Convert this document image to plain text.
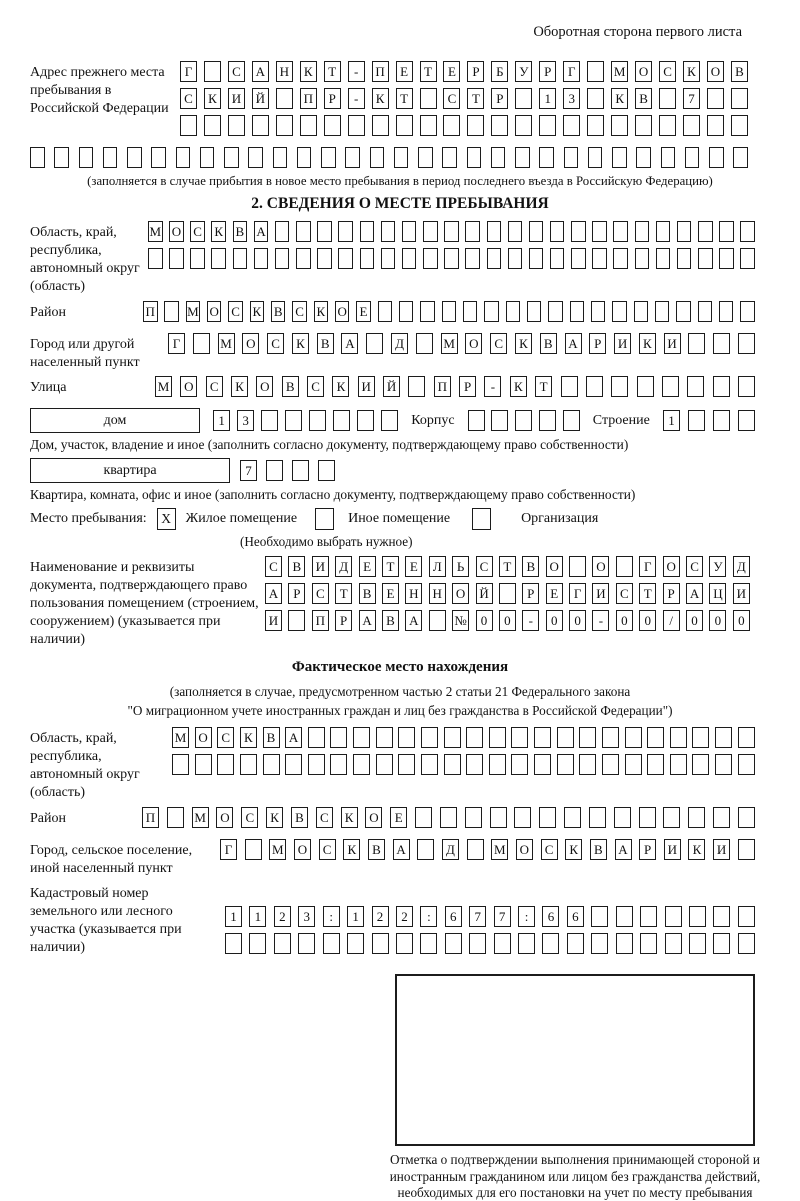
Оборотная сторона первого листа
Адрес прежнего места пребывания в Российской Федерации
Г	С	А Н	К	Т	-	П	Е	Т	Е	Р	Б	У	Р	Г	М О	С	К	О	В
С	К	И Й	П	Р	-	К	Т	С	Т	Р	1	3	К	В	7
(заполняется в случае прибытия в новое место пребывания в период последнего въезда в Российскую Федерацию)
2. СВЕДЕНИЯ О МЕСТЕ ПРЕБЫВАНИЯ
Область, край, республика, автономный округ (область)
М О С К В А
Район	П М О С К В С К О Е
Город или другой населенный пункт
Г	М О	С	К	В	А	Д	М О	С	К	В	А	Р	И	К	И
Улица	М О	С	К	О	В	С	К	И Й	П	Р	-	К	Т
дом	1	3	Корпус	Строение	1
Дом, участок, владение и иное (заполнить согласно документу, подтверждающему право собственности)
квартира	7
Квартира, комната, офис и иное (заполнить согласно документу, подтверждающему право собственности)
Место пребывания:	X	Жилое помещение	Иное помещение	Организация
(Необходимо выбрать нужное)
Наименование и реквизиты документа, подтверждающего право пользования помещением (строением, сооружением) (указывается при наличии)
С	В	И	Д	Е	Т	Е	Л	Ь	С	Т	В	О	О	Г	О	С	У	Д
А	Р	С	Т	В	Е	Н Н О Й	Р	Е	Г	И	С	Т	Р	А Ц И
И	П	Р	А	В	А	№	0	0	-	0	0	-	0	0	/	0	0	0
Фактическое место нахождения
(заполняется в случае, предусмотренном частью 2 статьи 21 Федерального закона
"О миграционном учете иностранных граждан и лиц без гражданства в Российской Федерации")
Область, край, республика, автономный округ (область)
М О	С	К	В	А
Район	П	М О	С	К	В	С	К	О	Е
Город, сельское поселение, иной населенный пункт
Г	М О	С	К	В	А	Д	М О	С	К	В	А	Р	И	К	И
Кадастровый номер земельного или лесного участка (указывается при наличии)
1	1	2	3	:	1	2	2	:	6	7	7	:	6	6
Отметка о подтверждении выполнения принимающей стороной и иностранным гражданином или лицом без гражданства действий, необходимых для его постановки на учет по месту пребывания
